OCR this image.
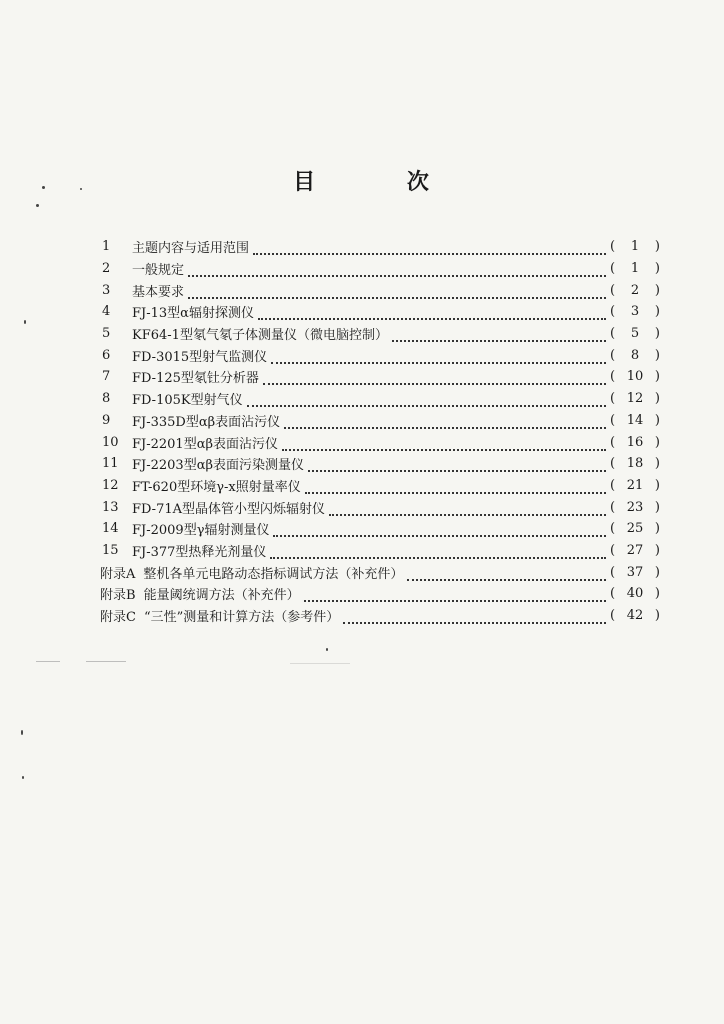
目 次
1	主题内容与适用范围	(	1	)
2	一般规定	(	1	)
3	基本要求	(	2	)
4	FJ-13型α辐射探测仪	(	3	)
5	KF64-1型氡气氡子体测量仪（微电脑控制）	(	5	)
6	FD-3015型射气监测仪	(	8	)
7	FD-125型氡钍分析器	( 10 )
8	FD-105K型射气仪	( 12 )
9	FJ-335D型αβ表面沾污仪	( 14 )
10	FJ-2201型αβ表面沾污仪	( 16 )
11	FJ-2203型αβ表面污染测量仪	( 18 )
12	FT-620型环境γ-x照射量率仪	( 21 )
13	FD-71A型晶体管小型闪烁辐射仪	( 23 )
14	FJ-2009型γ辐射测量仪	( 25 )
15	FJ-377型热释光剂量仪	( 27 )
附录A 整机各单元电路动态指标调试方法（补充件）	( 37 )
附录B 能量阈统调方法（补充件）	( 40 )
附录C “三性”测量和计算方法（参考件）	( 42 )
